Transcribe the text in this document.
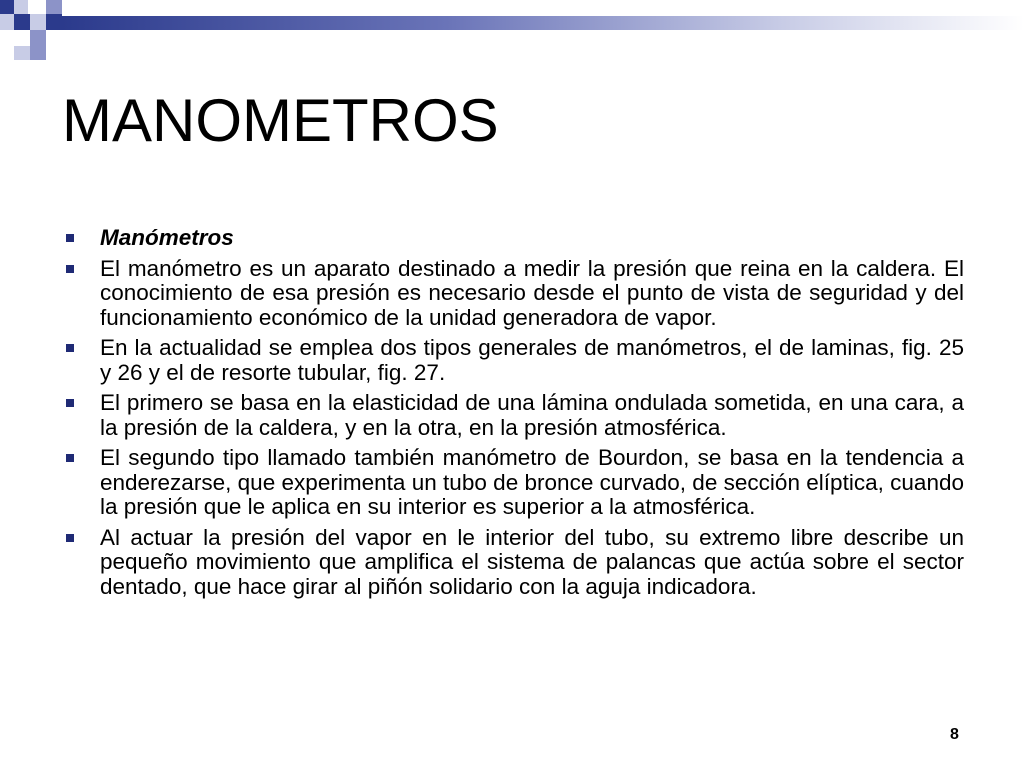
MANOMETROS
Manómetros
El manómetro es un aparato destinado a medir la presión que reina en la caldera. El conocimiento de esa presión es necesario desde el punto de vista de seguridad y del funcionamiento económico de la unidad generadora de vapor.
En la actualidad se emplea dos tipos generales de manómetros, el de laminas, fig. 25 y 26 y el de resorte tubular, fig. 27.
El primero se basa en la elasticidad de una lámina ondulada sometida, en una cara, a la presión de la caldera, y en la otra, en la presión atmosférica.
El segundo tipo llamado también manómetro de Bourdon, se basa en la tendencia a enderezarse, que experimenta un tubo de bronce curvado, de sección elíptica, cuando la presión que le aplica en su interior es superior a la atmosférica.
Al actuar la presión del vapor en le interior del tubo, su extremo libre describe un pequeño movimiento que amplifica el sistema de palancas que actúa sobre el sector dentado, que hace girar al piñón solidario con la aguja indicadora.
8
